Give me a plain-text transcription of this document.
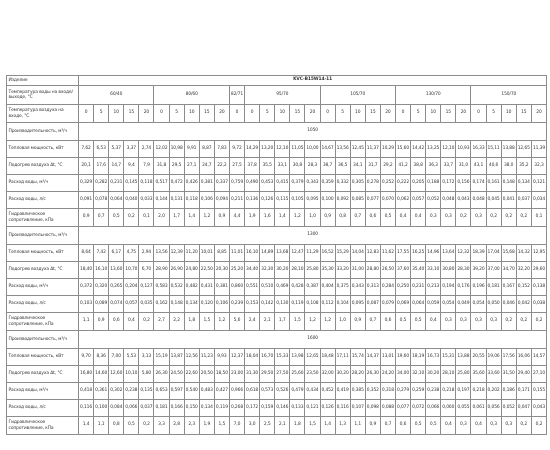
Изделие	KVC-B15W14-11																														
Температура воды на входе/выходе, °С	60/40					80/60					82/71	95/70					105/70					130/70					150/70				
Температура воздуха на входе, °С	0	5	10	15	20	0	5	10	15	20	0	0	5	10	15	20	0	5	10	15	20	0	5	10	15	20	0	5	10	15	20
Производительность, м³/ч	1050																														
Тепловая мощность, кВт	7,62	6,53	5,37	3,37	2,74	12,02	10,98	9,91	8,87	7,83	9,72	14,29	13,20	12,10	11,05	10,00	14,67	13,56	12,45	11,37	10,29	15,60	14,42	13,25	12,10	10,93	16,33	15,11	13,88	12,65	11,39
Подогрев воздуха Δt, °С	20,1	17,6	14,7	9,4	7,9	31,8	29,5	27,1	24,7	22,2	27,5	37,8	35,5	33,1	30,8	28,3	38,7	36,5	34,1	31,7	29,2	41,2	38,8	36,3	33,7	31,0	43,1	40,6	38,0	35,2	32,3
Расход воды, м³/ч	0,329	0,282	0,231	0,145	0,118	0,517	0,472	0,426	0,381	0,337	0,759	0,490	0,453	0,415	0,379	0,343	0,359	0,332	0,305	0,278	0,252	0,222	0,205	0,188	0,172	0,156	0,174	0,161	0,148	0,134	0,121
Расход воды, л/с	0,091	0,078	0,064	0,040	0,033	0,144	0,131	0,118	0,106	0,094	0,211	0,136	0,126	0,115	0,105	0,095	0,100	0,092	0,085	0,077	0,070	0,062	0,057	0,052	0,048	0,043	0,048	0,045	0,041	0,037	0,034
Гидравлическое сопротивление, кПа	0,9	0,7	0,5	0,2	0,1	2,0	1,7	1,4	1,2	0,9	4,4	1,9	1,6	1,4	1,2	1,0	0,9	0,8	0,7	0,6	0,5	0,4	0,4	0,3	0,3	0,2	0,3	0,2	0,2	0,2	0,1
Производительность, м³/ч	1300																														
Тепловая мощность, кВт	8,64	7,42	6,17	4,75	2,94	13,56	12,39	11,20	10,01	8,85	11,01	16,10	14,89	13,68	12,47	11,29	16,52	15,29	14,04	12,83	11,62	17,55	16,25	14,96	13,64	12,32	18,39	17,04	15,68	14,32	12,95
Подогрев воздуха Δt, °С	18,40	16,10	13,60	10,70	6,70	28,90	26,90	24,80	22,50	20,30	25,20	34,40	32,30	30,20	28,10	25,80	35,30	33,20	31,00	28,80	26,50	37,60	35,40	33,10	30,80	28,30	39,20	37,00	34,70	32,20	29,60
Расход воды, м³/ч	0,372	0,320	0,265	0,204	0,127	0,583	0,532	0,482	0,431	0,381	0,860	0,551	0,510	0,469	0,428	0,387	0,404	0,375	0,343	0,313	0,284	0,250	0,231	0,213	0,194	0,176	0,196	0,181	0,167	0,152	0,138
Расход воды, л/с	0,103	0,089	0,074	0,057	0,035	0,162	0,148	0,134	0,120	0,106	0,239	0,153	0,142	0,130	0,119	0,108	0,112	0,104	0,095	0,087	0,079	0,069	0,064	0,059	0,054	0,049	0,054	0,050	0,046	0,042	0,038
Гидравлическое сопротивление, кПа	1,1	0,9	0,6	0,4	0,2	2,7	2,2	1,8	1,5	1,2	5,6	2,4	2,1	1,7	1,5	1,2	1,2	1,0	0,9	0,7	0,6	0,5	0,5	0,4	0,3	0,3	0,3	0,3	0,2	0,2	0,2
Производительность, м³/ч	1600																														
Тепловая мощность, кВт	9,70	8,36	7,00	5,53	3,13	15,19	13,87	12,56	11,23	9,93	12,37	18,04	16,70	15,33	13,98	12,65	18,48	17,11	15,74	14,37	13,01	19,60	18,19	16,73	15,31	13,88	20,55	19,06	17,56	16,06	14,57
Подогрев воздуха Δt, °С	16,80	14,60	12,60	10,10	5,80	26,30	24,50	22,60	20,50	18,50	23,00	31,30	29,50	27,50	25,60	23,50	32,00	30,20	28,20	26,30	24,20	34,00	32,10	30,20	28,10	25,80	35,60	33,60	31,50	29,40	27,10
Расход воды, м³/ч	0,418	0,361	0,302	0,238	0,135	0,653	0,597	0,540	0,483	0,427	0,966	0,618	0,573	0,526	0,479	0,434	0,452	0,419	0,385	0,352	0,318	0,279	0,259	0,238	0,218	0,197	0,218	0,202	0,186	0,171	0,155
Расход воды, л/с	0,116	0,100	0,084	0,066	0,037	0,181	0,166	0,150	0,134	0,119	0,268	0,172	0,159	0,146	0,133	0,121	0,126	0,116	0,107	0,098	0,088	0,077	0,072	0,066	0,060	0,055	0,061	0,056	0,052	0,047	0,043
Гидравлическое сопротивление, кПа	1,4	1,1	0,8	0,5	0,2	3,3	2,8	2,3	1,9	1,5	7,0	3,0	2,5	2,1	1,8	1,5	1,4	1,3	1,1	0,9	0,7	0,6	0,5	0,5	0,4	0,3	0,4	0,3	0,3	0,2	0,2
